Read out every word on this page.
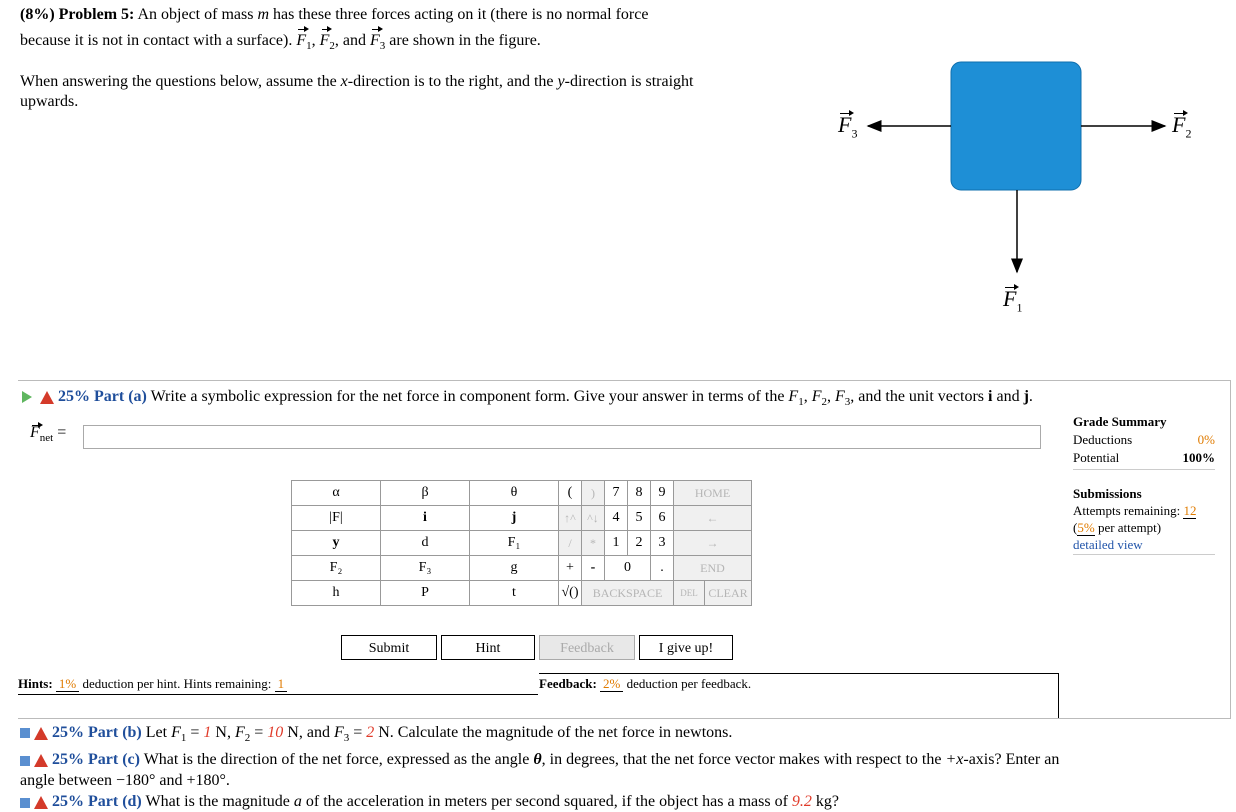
(8%) Problem 5: An object of mass m has these three forces acting on it (there is no normal force
because it is not in contact with a surface). $F_1$, $F_2$, and $F_3$ are shown in the figure.
When answering the questions below, assume the x-direction is to the right, and the y-direction is straight
upwards.
$F_3$	$F_2$
$F_1$
25% Part (a) Write a symbolic expression for the net force in component form. Give your answer in terms of the $F_1$, $F_2$, $F_3$, and the unit vectors i and j.
$F_{net}$ =
α	β	θ	(	)	7	8	9	HOME	
|F|	i	j	↑^	^↓	4	5	6	←	
y	d	F₁	/	*	1	2	3	→	
F₂	F₃	g	+	-	0		.	END	
h	P	t	√()	BACKSPACE				DEL	CLEAR
Submit	Hint	Feedback	I give up!
Hints: 1% deduction per hint. Hints remaining: 1	Feedback: 2% deduction per feedback.
Grade Summary
Deductions	0%
Potential	100%
Submissions
Attempts remaining: 12
(5% per attempt)
detailed view
25% Part (b) Let $F_1 = 1$ N, $F_2 = 10$ N, and $F_3 = 2$ N. Calculate the magnitude of the net force in newtons.
25% Part (c) What is the direction of the net force, expressed as the angle θ, in degrees, that the net force vector makes with respect to the +x-axis? Enter an
angle between −180° and +180°.
25% Part (d) What is the magnitude a of the acceleration in meters per second squared, if the object has a mass of 9.2 kg?
